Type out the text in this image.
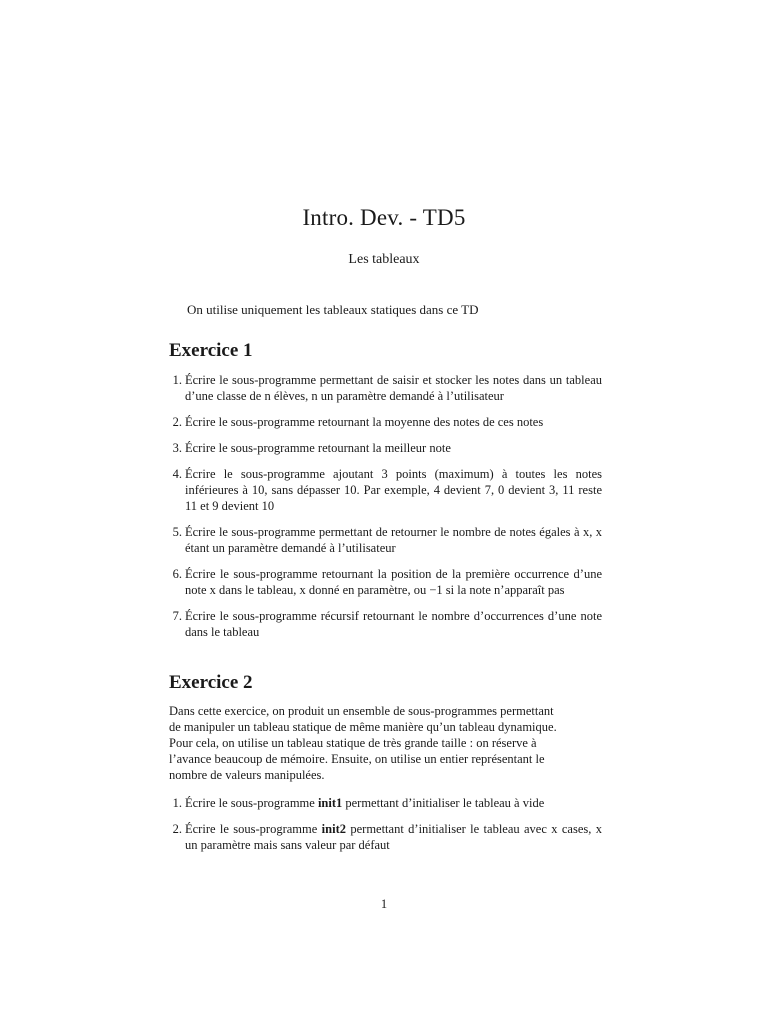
Intro. Dev. - TD5
Les tableaux
On utilise uniquement les tableaux statiques dans ce TD
Exercice 1
1. Écrire le sous-programme permettant de saisir et stocker les notes dans un tableau d’une classe de n élèves, n un paramètre demandé à l’utilisateur
2. Écrire le sous-programme retournant la moyenne des notes de ces notes
3. Écrire le sous-programme retournant la meilleur note
4. Écrire le sous-programme ajoutant 3 points (maximum) à toutes les notes inférieures à 10, sans dépasser 10. Par exemple, 4 devient 7, 0 devient 3, 11 reste 11 et 9 devient 10
5. Écrire le sous-programme permettant de retourner le nombre de notes égales à x, x étant un paramètre demandé à l’utilisateur
6. Écrire le sous-programme retournant la position de la première occurrence d’une note x dans le tableau, x donné en paramètre, ou −1 si la note n’apparaît pas
7. Écrire le sous-programme récursif retournant le nombre d’occurrences d’une note dans le tableau
Exercice 2
Dans cette exercice, on produit un ensemble de sous-programmes permettant
de manipuler un tableau statique de même manière qu’un tableau dynamique.
Pour cela, on utilise un tableau statique de très grande taille : on réserve à
l’avance beaucoup de mémoire. Ensuite, on utilise un entier représentant le
nombre de valeurs manipulées.
1. Écrire le sous-programme init1 permettant d’initialiser le tableau à vide
2. Écrire le sous-programme init2 permettant d’initialiser le tableau avec x cases, x un paramètre mais sans valeur par défaut
1
